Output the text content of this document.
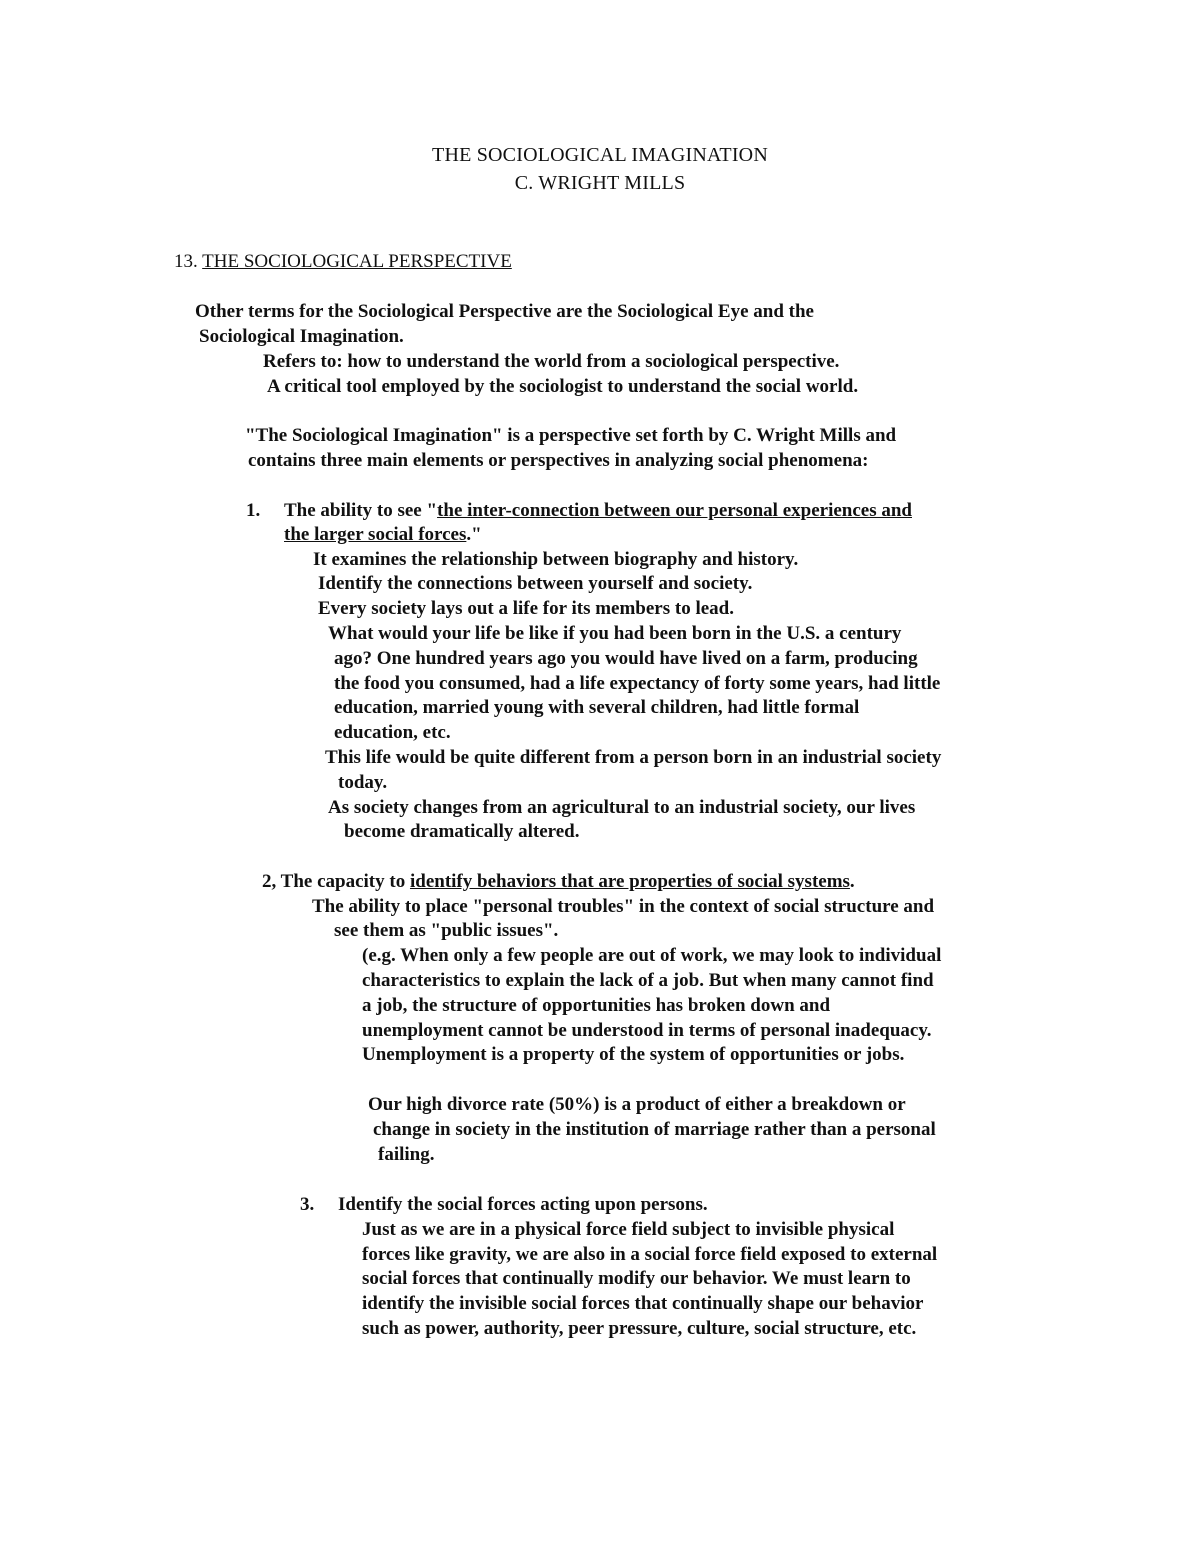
THE SOCIOLOGICAL IMAGINATION
C. WRIGHT MILLS
13. THE SOCIOLOGICAL PERSPECTIVE
Other terms for the Sociological Perspective are the Sociological Eye and the
Sociological Imagination.
Refers to: how to understand the world from a sociological perspective.
A critical tool employed by the sociologist to understand the social world.
"The Sociological Imagination" is a perspective set forth by C. Wright Mills and
contains three main elements or perspectives in analyzing social phenomena:
1. The ability to see "the inter-connection between our personal experiences and
the larger social forces."
It examines the relationship between biography and history.
Identify the connections between yourself and society.
Every society lays out a life for its members to lead.
What would your life be like if you had been born in the U.S. a century
ago? One hundred years ago you would have lived on a farm, producing
the food you consumed, had a life expectancy of forty some years, had little
education, married young with several children, had little formal
education, etc.
This life would be quite different from a person born in an industrial society
today.
As society changes from an agricultural to an industrial society, our lives
become dramatically altered.
2, The capacity to identify behaviors that are properties of social systems.
The ability to place "personal troubles" in the context of social structure and
see them as "public issues".
(e.g. When only a few people are out of work, we may look to individual
characteristics to explain the lack of a job. But when many cannot find
a job, the structure of opportunities has broken down and
unemployment cannot be understood in terms of personal inadequacy.
Unemployment is a property of the system of opportunities or jobs.
Our high divorce rate (50%) is a product of either a breakdown or
change in society in the institution of marriage rather than a personal
failing.
3. Identify the social forces acting upon persons.
Just as we are in a physical force field subject to invisible physical
forces like gravity, we are also in a social force field exposed to external
social forces that continually modify our behavior. We must learn to
identify the invisible social forces that continually shape our behavior
such as power, authority, peer pressure, culture, social structure, etc.
